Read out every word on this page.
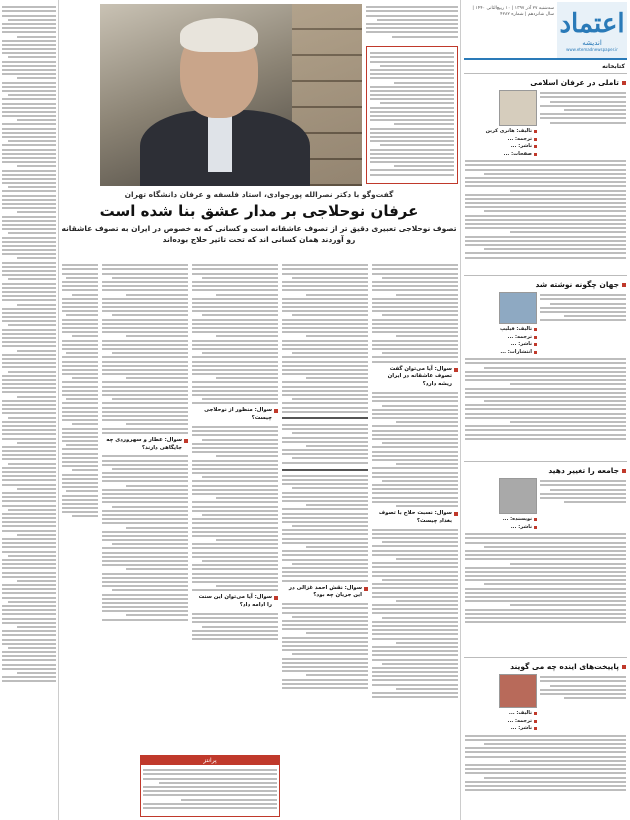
اعتماد
اندیشه
www.etemadnewspaper.ir
سه‌شنبه ۲۷ آذر ۱۳۹۷ | ۱۰ ربیع‌الثانی ۱۴۴۰ | سال شانزدهم | شماره ۴۲۸۲
کتابخانه
تاملی در عرفان اسلامی
تالیف: هانری کربن
ترجمه: ...
ناشر: ...
صفحات: ...
جهان چگونه نوشته شد
تالیف: فیلیپ
ترجمه: ...
ناشر: ...
انتشارات: ...
جامعه را تغییر دهید
نویسنده: ...
ناشر: ...
پاییخت‌های اینده چه می گویند
تالیف: ...
ترجمه: ...
ناشر: ...
گفت‌وگو با دکتر نصرالله پورجوادی، استاد فلسفه و عرفان دانشگاه تهران
عرفان نوحلاجی بر مدار عشق بنا شده است
تصوف نوحلاجی تعبیری دقیق تر از تصوف عاشقانه است و کسانی که به خصوص در ایران به تصوف عاشقانه رو آوردند همان کسانی اند که تحت تاثیر حلاج بوده‌اند
سوال: آیا می‌توان گفت تصوف عاشقانه در ایران ریشه دارد؟
سوال: نسبت حلاج با تصوف بغداد چیست؟
سوال: نقش احمد غزالی در این جریان چه بود؟
سوال: منظور از نوحلاجی چیست؟
سوال: آیا می‌توان این سنت را ادامه داد؟
سوال: عطار و سهروردی چه جایگاهی دارند؟
پرانتز
